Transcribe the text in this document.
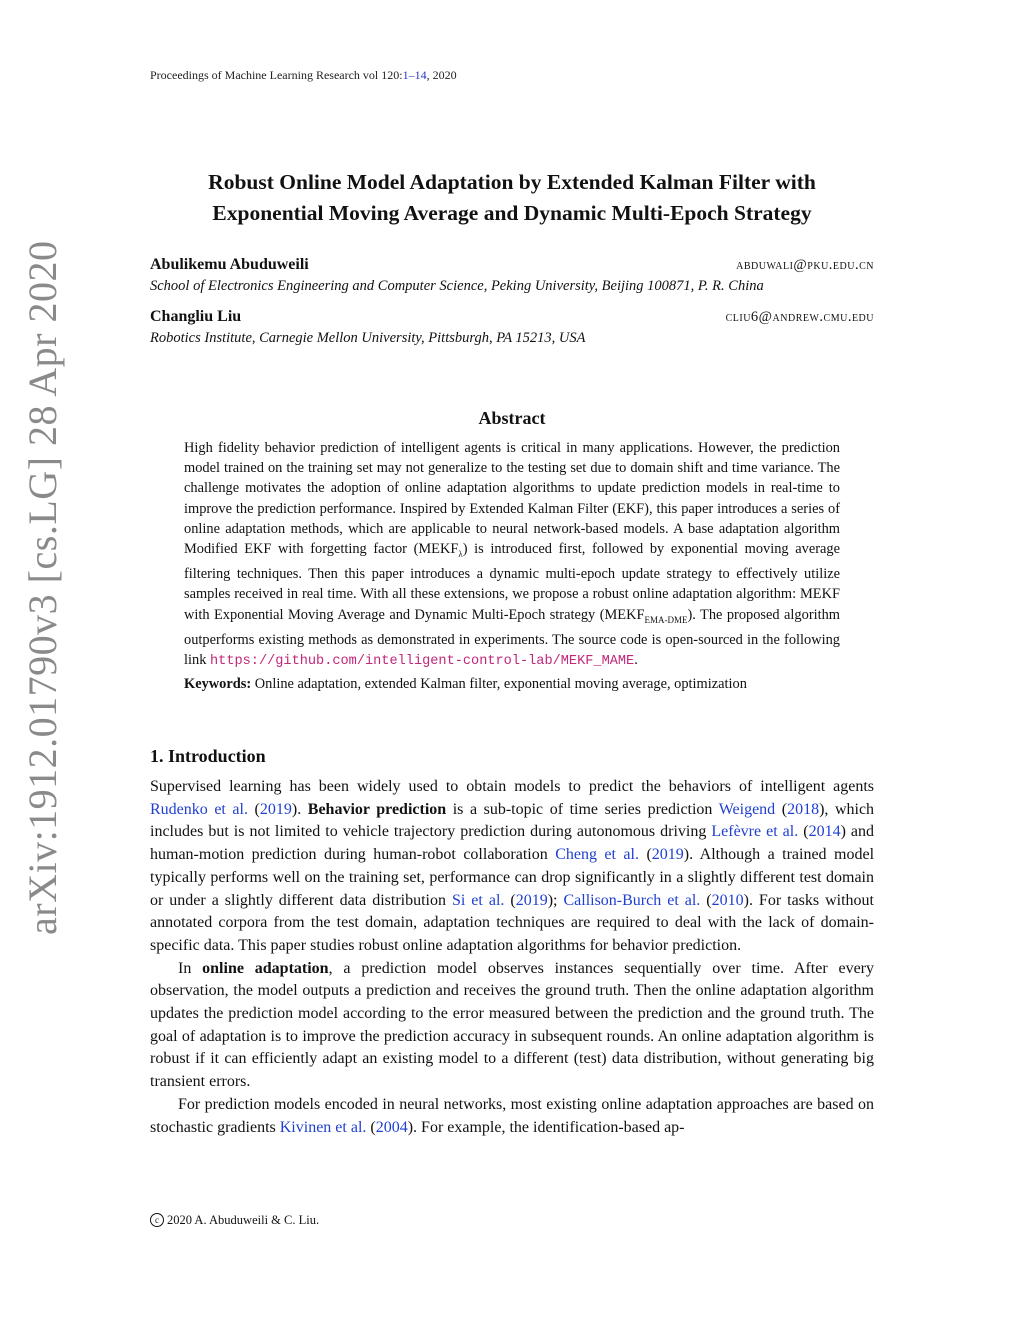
Proceedings of Machine Learning Research vol 120:1–14, 2020
arXiv:1912.01790v3 [cs.LG] 28 Apr 2020
Robust Online Model Adaptation by Extended Kalman Filter with
Exponential Moving Average and Dynamic Multi-Epoch Strategy
Abulikemu Abuduweili	abduwali@pku.edu.cn
School of Electronics Engineering and Computer Science, Peking University, Beijing 100871, P. R. China
Changliu Liu	cliu6@andrew.cmu.edu
Robotics Institute, Carnegie Mellon University, Pittsburgh, PA 15213, USA
Abstract

High fidelity behavior prediction of intelligent agents is critical in many applications. However, the prediction model trained on the training set may not generalize to the testing set due to domain shift and time variance. The challenge motivates the adoption of online adaptation algorithms to update prediction models in real-time to improve the prediction performance. Inspired by Extended Kalman Filter (EKF), this paper introduces a series of online adaptation methods, which are applicable to neural network-based models. A base adaptation algorithm Modified EKF with forgetting factor $(MEKF_\lambda)$ is introduced first, followed by exponential moving average filtering techniques. Then this paper introduces a dynamic multi-epoch update strategy to effectively utilize samples received in real time. With all these extensions, we propose a robust online adaptation algorithm: MEKF with Exponential Moving Average and Dynamic Multi-Epoch strategy $(MEKF_{EMA-DME})$. The proposed algorithm outperforms existing methods as demonstrated in experiments. The source code is open-sourced in the following link https://github.com/intelligent-control-lab/MEKF_MAME.

Keywords: Online adaptation, extended Kalman filter, exponential moving average, optimization

1. Introduction

Supervised learning has been widely used to obtain models to predict the behaviors of intelligent agents Rudenko et al. (2019). Behavior prediction is a sub-topic of time series prediction Weigend (2018), which includes but is not limited to vehicle trajectory prediction during autonomous driving Lefèvre et al. (2014) and human-motion prediction during human-robot collaboration Cheng et al. (2019). Although a trained model typically performs well on the training set, performance can drop significantly in a slightly different test domain or under a slightly different data distribution Si et al. (2019); Callison-Burch et al. (2010). For tasks without annotated corpora from the test domain, adaptation techniques are required to deal with the lack of domain-specific data. This paper studies robust online adaptation algorithms for behavior prediction.

In online adaptation, a prediction model observes instances sequentially over time. After every observation, the model outputs a prediction and receives the ground truth. Then the online adaptation algorithm updates the prediction model according to the error measured between the prediction and the ground truth. The goal of adaptation is to improve the prediction accuracy in subsequent rounds. An online adaptation algorithm is robust if it can efficiently adapt an existing model to a different (test) data distribution, without generating big transient errors.

For prediction models encoded in neural networks, most existing online adaptation approaches are based on stochastic gradients Kivinen et al. (2004). For example, the identification-based ap-

c 2020 A. Abuduweili & C. Liu.
